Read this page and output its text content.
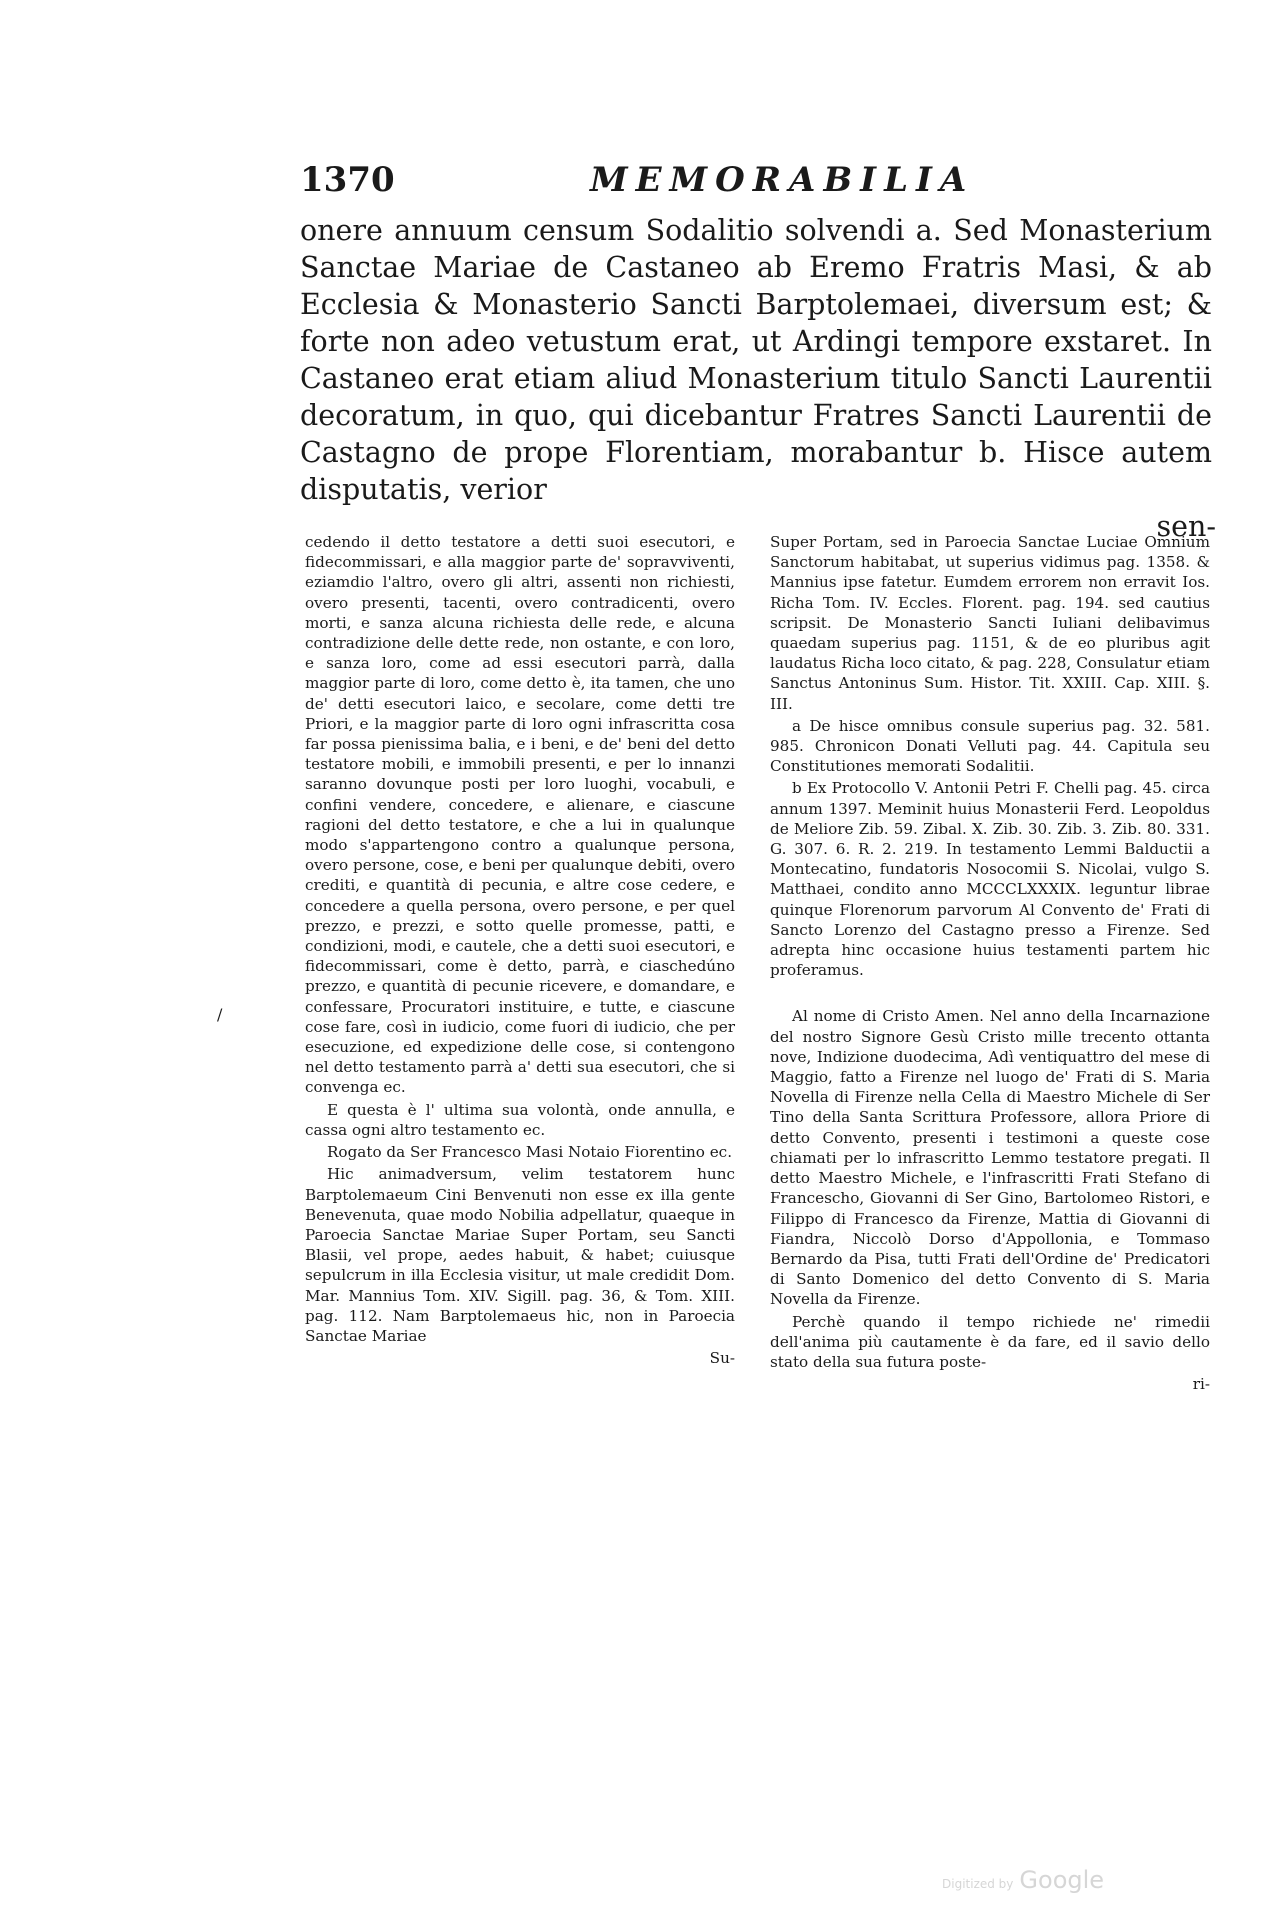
1370	MEMORABILIA

onere annuum censum Sodalitio solvendi a. Sed Monasterium Sanctae Mariae de Castaneo ab Eremo Fratris Masi, & ab Ecclesia & Monasterio Sancti Barptolemaei, diversum est; & forte non adeo vetustum erat, ut Ardingi tempore exstaret. In Castaneo erat etiam aliud Monasterium titulo Sancti Laurentii decoratum, in quo, qui dicebantur Fratres Sancti Laurentii de Castagno de prope Florentiam, morabantur b. Hisce autem disputatis, verior

sen-
/

cedendo il detto testatore a detti suoi esecutori, e fidecommissari, e alla maggior parte de' sopravviventi, eziamdio l'altro, overo gli altri, assenti non richiesti, overo presenti, tacenti, overo contradicenti, overo morti, e sanza alcuna richiesta delle rede, e alcuna contradizione delle dette rede, non ostante, e con loro, e sanza loro, come ad essi esecutori parrà, dalla maggior parte di loro, come detto è, ita tamen, che uno de' detti esecutori laico, e secolare, come detti tre Priori, e la maggior parte di loro ogni infrascritta cosa far possa pienissima balia, e i beni, e de' beni del detto testatore mobili, e immobili presenti, e per lo innanzi saranno dovunque posti per loro luoghi, vocabuli, e confini vendere, concedere, e alienare, e ciascune ragioni del detto testatore, e che a lui in qualunque modo s'appartengono contro a qualunque persona, overo persone, cose, e beni per qualunque debiti, overo crediti, e quantità di pecunia, e altre cose cedere, e concedere a quella persona, overo persone, e per quel prezzo, e prezzi, e sotto quelle promesse, patti, e condizioni, modi, e cautele, che a detti suoi esecutori, e fidecommissari, come è detto, parrà, e ciaschedúno prezzo, e quantità di pecunie ricevere, e domandare, e confessare, Procuratori instituire, e tutte, e ciascune cose fare, così in iudicio, come fuori di iudicio, che per esecuzione, ed expedizione delle cose, si contengono nel detto testamento parrà a' detti sua esecutori, che si convenga ec.

E questa è l' ultima sua volontà, onde annulla, e cassa ogni altro testamento ec.

Rogato da Ser Francesco Masi Notaio Fiorentino ec.

Hic animadversum, velim testatorem hunc Barptolemaeum Cini Benvenuti non esse ex illa gente Benevenuta, quae modo Nobilia adpellatur, quaeque in Paroecia Sanctae Mariae Super Portam, seu Sancti Blasii, vel prope, aedes habuit, & habet; cuiusque sepulcrum in illa Ecclesia visitur, ut male credidit Dom. Mar. Mannius Tom. XIV. Sigill. pag. 36, & Tom. XIII. pag. 112. Nam Barptolemaeus hic, non in Paroecia Sanctae Mariae

Su-

Super Portam, sed in Paroecia Sanctae Luciae Omnium Sanctorum habitabat, ut superius vidimus pag. 1358. & Mannius ipse fatetur. Eumdem errorem non erravit Ios. Richa Tom. IV. Eccles. Florent. pag. 194. sed cautius scripsit. De Monasterio Sancti Iuliani delibavimus quaedam superius pag. 1151, & de eo pluribus agit laudatus Richa loco citato, & pag. 228, Consulatur etiam Sanctus Antoninus Sum. Histor. Tit. XXIII. Cap. XIII. §. III.

a De hisce omnibus consule superius pag. 32. 581. 985. Chronicon Donati Velluti pag. 44. Capitula seu Constitutiones memorati Sodalitii.

b Ex Protocollo V. Antonii Petri F. Chelli pag. 45. circa annum 1397. Meminit huius Monasterii Ferd. Leopoldus de Meliore Zib. 59. Zibal. X. Zib. 30. Zib. 3. Zib. 80. 331. G. 307. 6. R. 2. 219. In testamento Lemmi Balductii a Montecatino, fundatoris Nosocomii S. Nicolai, vulgo S. Matthaei, condito anno MCCCLXXXIX. leguntur librae quinque Florenorum parvorum Al Convento de' Frati di Sancto Lorenzo del Castagno presso a Firenze. Sed adrepta hinc occasione huius testamenti partem hic proferamus.

Al nome di Cristo Amen. Nel anno della Incarnazione del nostro Signore Gesù Cristo mille trecento ottanta nove, Indizione duodecima, Adì ventiquattro del mese di Maggio, fatto a Firenze nel luogo de' Frati di S. Maria Novella di Firenze nella Cella di Maestro Michele di Ser Tino della Santa Scrittura Professore, allora Priore di detto Convento, presenti i testimoni a queste cose chiamati per lo infrascritto Lemmo testatore pregati. Il detto Maestro Michele, e l'infrascritti Frati Stefano di Francescho, Giovanni di Ser Gino, Bartolomeo Ristori, e Filippo di Francesco da Firenze, Mattia di Giovanni di Fiandra, Niccolò Dorso d'Appollonia, e Tommaso Bernardo da Pisa, tutti Frati dell'Ordine de' Predicatori di Santo Domenico del detto Convento di S. Maria Novella da Firenze.

Perchè quando il tempo richiede ne' rimedii dell'anima più cautamente è da fare, ed il savio dello stato della sua futura poste-

ri-

Digitized by Google
